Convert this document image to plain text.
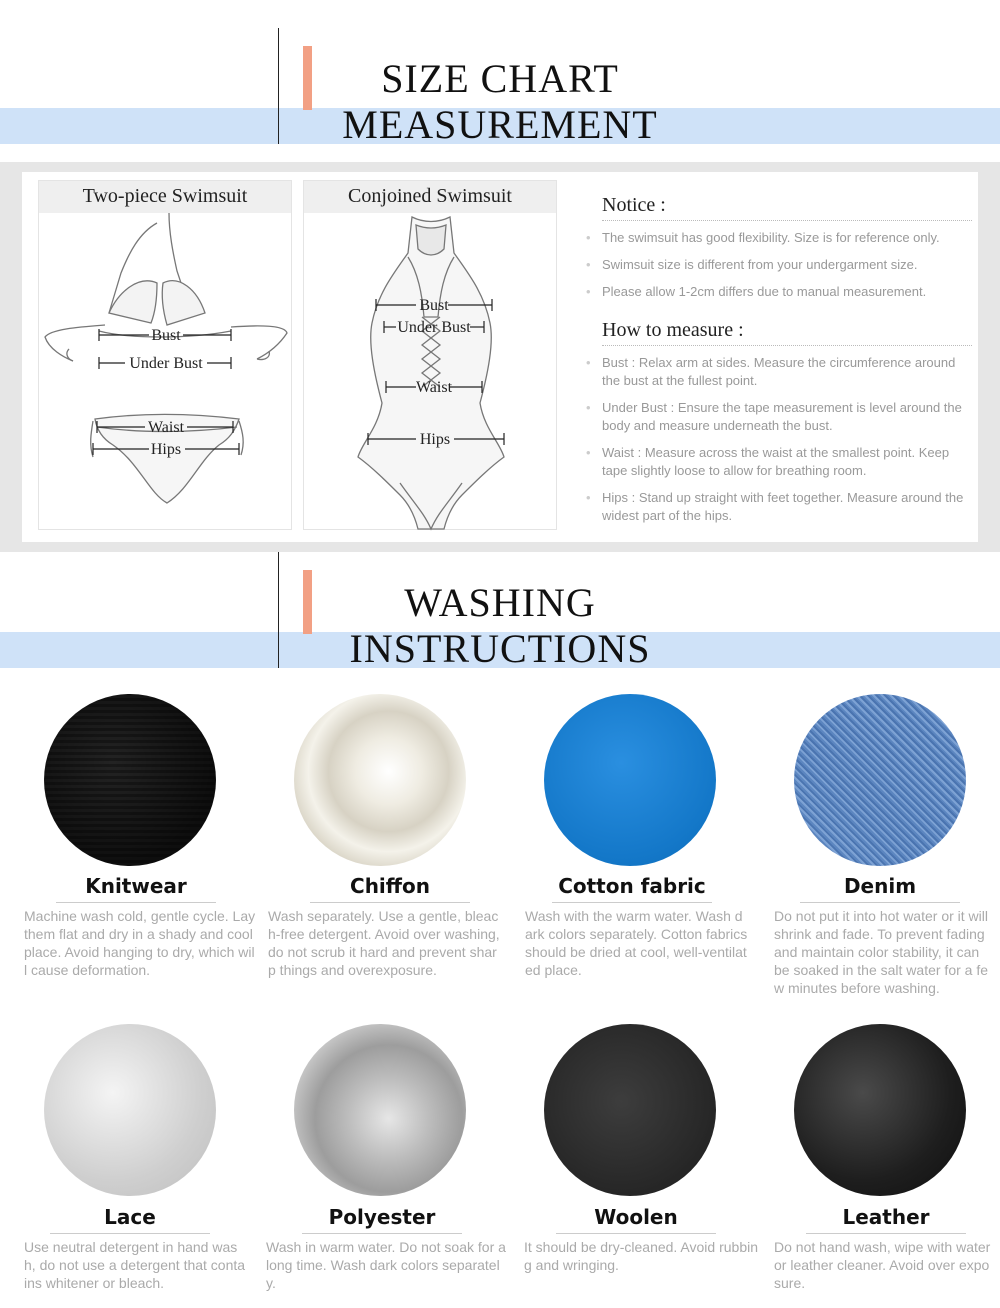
SIZE CHART
MEASUREMENT
Two-piece Swimsuit
Bust
Under Bust
Waist
Hips
Conjoined Swimsuit
Bust
Under Bust
Waist
Hips
Notice :
• The swimsuit has good flexibility. Size is for reference only.
• Swimsuit size is different from your undergarment size.
• Please allow 1-2cm differs due to manual measurement.
How to measure :
• Bust : Relax arm at sides. Measure the circumference around the bust at the fullest point.
• Under Bust : Ensure the tape measurement is level around the body and measure underneath the bust.
• Waist : Measure across the waist at the smallest point. Keep tape slightly loose to allow for breathing room.
• Hips : Stand up straight with feet together. Measure around the widest part of the hips.
WASHING
INSTRUCTIONS
Knitwear
Machine wash cold, gentle cycle. Lay them flat and dry in a shady and cool place. Avoid hanging to dry, which will cause deformation.
Chiffon
Wash separately. Use a gentle, bleach-free detergent. Avoid over washing, do not scrub it hard and prevent sharp things and overexposure.
Cotton fabric
Wash with the warm water. Wash dark colors separately. Cotton fabrics should be dried at cool, well-ventilated place.
Denim
Do not put it into hot water or it will shrink and fade. To prevent fading and maintain color stability, it can be soaked in the salt water for a few minutes before washing.
Lace
Use neutral detergent in hand wash, do not use a detergent that contains whitener or bleach.
Polyester
Wash in warm water. Do not soak for a long time. Wash dark colors separately.
Woolen
It should be dry-cleaned. Avoid rubbing and wringing.
Leather
Do not hand wash, wipe with water or leather cleaner. Avoid over exposure.
